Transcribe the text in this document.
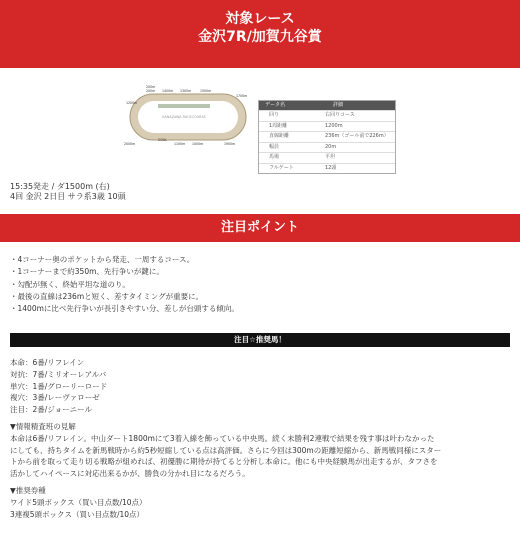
対象レース
金沢7R/加賀九谷賞
KANAZAWA RACECOURSE
200m
200m 1400m 1300m	1500m
1700m
2000m	1100m 1000m	1900m
1200m
GOAL
データ名	詳細
回り	右回りコース
1周距離	1200m
直線距離	236m（ゴール前で226m）
幅員	20m
馬場	平坦
フルゲート	12頭
15:35発走 / ダ1500m (右)
4回 金沢 2日目 サラ系3歳 10頭
注目ポイント
・4コーナー奥のポケットから発走、一周するコース。
・1コーナーまで約350m、先行争いが鍵に。
・勾配が無く、終始平坦な道のり。
・最後の直線は236mと短く、差すタイミングが重要に。
・1400mに比べ先行争いが長引きやすい分、差しが台頭する傾向。
注目☆推奨馬！
本命：6番/リフレイン
対抗：7番/ミリオーレアルバ
単穴：1番/グローリーロード
複穴：3番/レーヴァローゼ
注目：2番/ジョーニール
▼情報精査班の見解
本命は6番/リフレイン。中山ダート1800mにて3着入線を飾っている中央馬。続く未勝利2連戦で結果を残す事は叶わなかった
にしても、持ちタイムを新馬戦時から約5秒短縮している点は高評価。さらに今回は300mの距離短縮から、新馬戦同様にスター
トから前を取って走り切る戦略が組めれば、初優勝に期待が持てると分析し本命に。他にも中央経験馬が出走するが、タフさを
活かしてハイペースに対応出来るかが、勝負の分かれ目になるだろう。
▼推奨券種
ワイド5頭ボックス（買い目点数/10点）
3連複5頭ボックス（買い目点数/10点）
